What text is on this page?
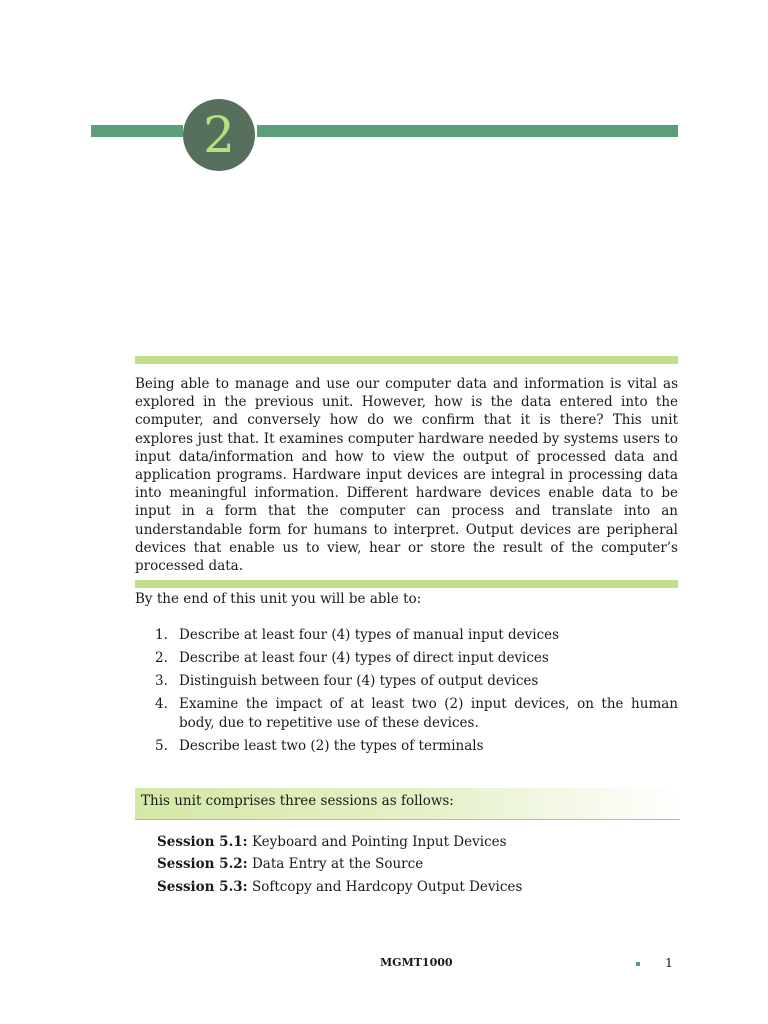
2

Being able to manage and use our computer data and information is vital as explored in the previous unit. However, how is the data entered into the computer, and conversely how do we confirm that it is there? This unit explores just that. It examines computer hardware needed by systems users to input data/information and how to view the output of processed data and application programs. Hardware input devices are integral in processing data into meaningful information. Different hardware devices enable data to be input in a form that the computer can process and translate into an understandable form for humans to interpret. Output devices are peripheral devices that enable us to view, hear or store the result of the computer’s processed data.

By the end of this unit you will be able to:
1. Describe at least four (4) types of manual input devices
2. Describe at least four (4) types of direct input devices
3. Distinguish between four (4) types of output devices
4. Examine the impact of at least two (2) input devices, on the human body, due to repetitive use of these devices.
5. Describe least two (2) the types of terminals
This unit comprises three sessions as follows:
Session 5.1: Keyboard and Pointing Input Devices
Session 5.2: Data Entry at the Source
Session 5.3: Softcopy and Hardcopy Output Devices
MGMT1000	1
